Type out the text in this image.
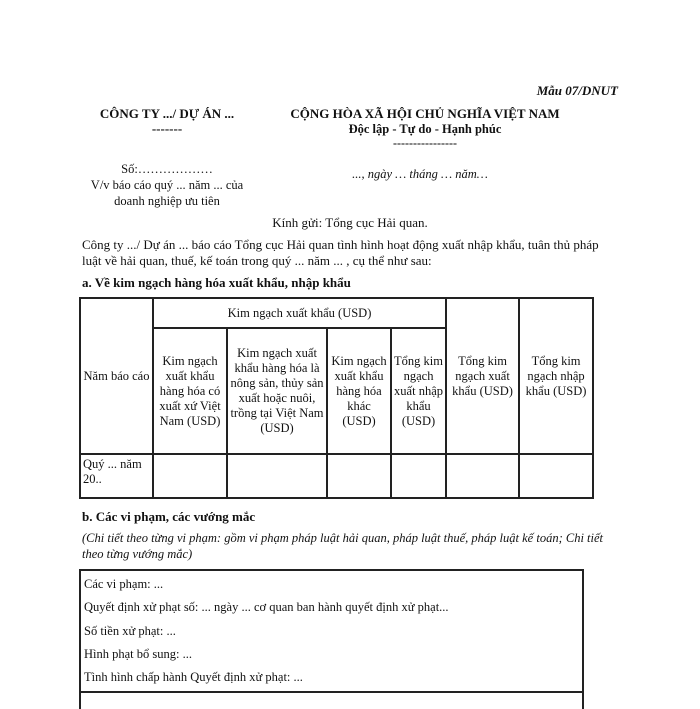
Mẫu 07/DNUT
CÔNG TY .../ DỰ ÁN ...
-------
CỘNG HÒA XÃ HỘI CHỦ NGHĨA VIỆT NAM
Độc lập - Tự do - Hạnh phúc
----------------
Số:………………
V/v báo cáo quý ... năm ... của
doanh nghiệp ưu tiên
..., ngày … tháng … năm…
Kính gửi: Tổng cục Hải quan.
Công ty .../ Dự án ... báo cáo Tổng cục Hải quan tình hình hoạt động xuất nhập khẩu, tuân thủ pháp luật về hải quan, thuế, kế toán trong quý ... năm ... , cụ thể như sau:
a. Về kim ngạch hàng hóa xuất khẩu, nhập khẩu
Năm báo cáo	Kim ngạch xuất khẩu (USD)				Tổng kim ngạch xuất khẩu (USD)	Tổng kim ngạch nhập khẩu (USD)
	Kim ngạch xuất khẩu hàng hóa có xuất xứ Việt Nam (USD)	Kim ngạch xuất khẩu hàng hóa là nông sản, thủy sản xuất hoặc nuôi, trồng tại Việt Nam (USD)	Kim ngạch xuất khẩu hàng hóa khác (USD)	Tổng kim ngạch xuất nhập khẩu (USD)		
Quý ... năm 20..						
b. Các vi phạm, các vướng mắc
(Chi tiết theo từng vi phạm: gồm vi phạm pháp luật hải quan, pháp luật thuế, pháp luật kế toán; Chi tiết theo từng vướng mắc)
Các vi phạm: ...
Quyết định xử phạt số: ... ngày ... cơ quan ban hành quyết định xử phạt...
Số tiền xử phạt: ...
Hình phạt bổ sung: ...
Tình hình chấp hành Quyết định xử phạt: ...
